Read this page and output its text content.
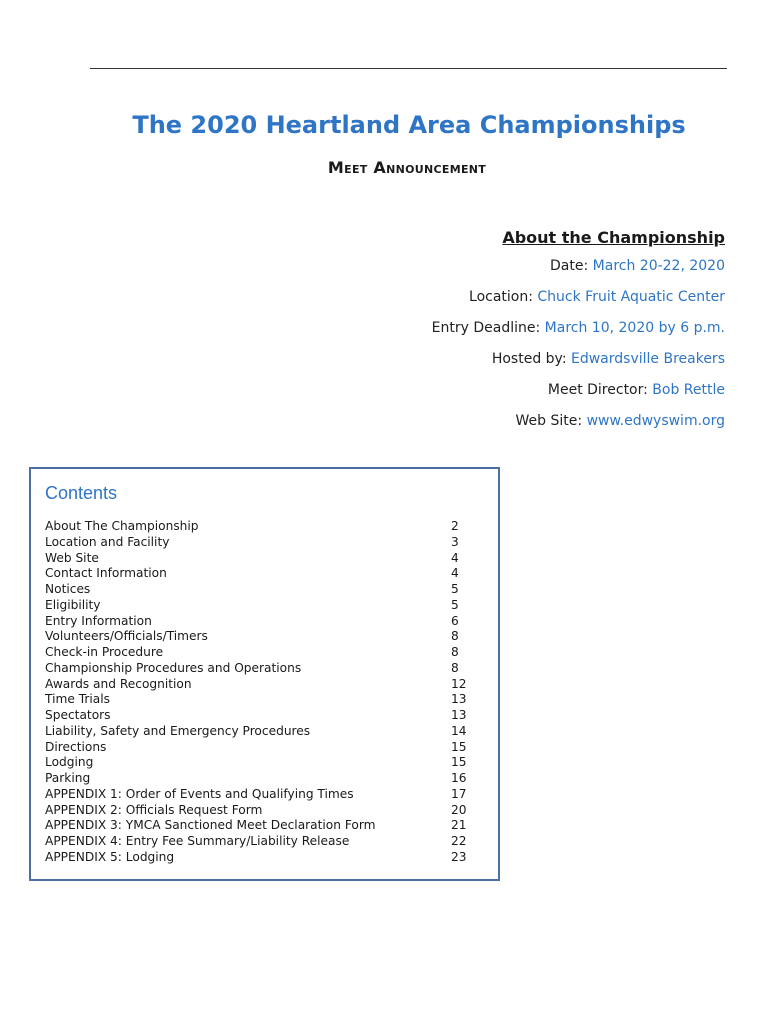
The 2020 Heartland Area Championships
Meet Announcement
About the Championship
Date: March 20-22, 2020
Location: Chuck Fruit Aquatic Center
Entry Deadline: March 10, 2020 by 6 p.m.
Hosted by: Edwardsville Breakers
Meet Director: Bob Rettle
Web Site: www.edwyswim.org
Contents
About The Championship	2
Location and Facility	3
Web Site	4
Contact Information	4
Notices	5
Eligibility	5
Entry Information	6
Volunteers/Officials/Timers	8
Check-in Procedure	8
Championship Procedures and Operations	8
Awards and Recognition	12
Time Trials	13
Spectators	13
Liability, Safety and Emergency Procedures	14
Directions	15
Lodging	15
Parking	16
APPENDIX 1: Order of Events and Qualifying Times	17
APPENDIX 2: Officials Request Form	20
APPENDIX 3: YMCA Sanctioned Meet Declaration Form	21
APPENDIX 4: Entry Fee Summary/Liability Release	22
APPENDIX 5: Lodging	23
